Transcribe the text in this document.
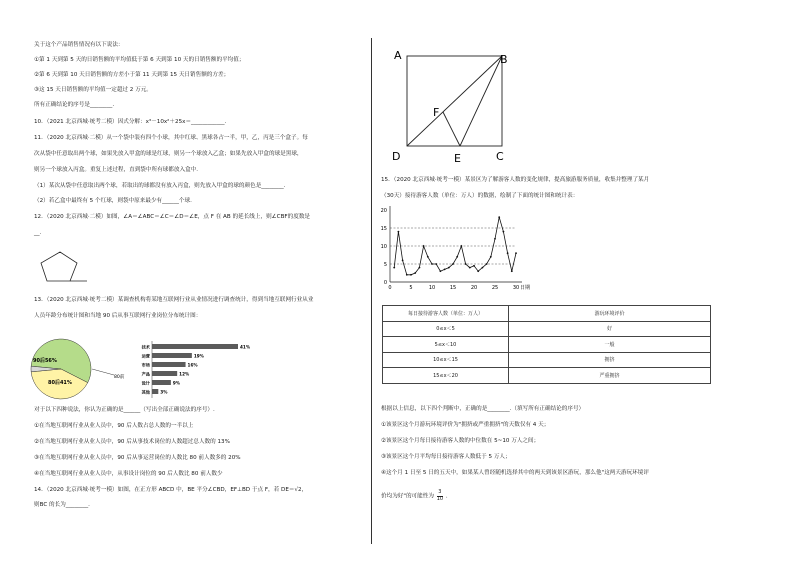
关于这个产品销售情况有以下说法：
①第 1 天到第 5 天的日销售额的平均值低于第 6 天到第 10 天的日销售额的平均值；
②第 6 天到第 10 天日销售额的方差小于第 11 天到第 15 天日销售额的方差；
③这 15 天日销售额的平均值一定超过 2 万元。
所有正确结论的序号是________.
10．（2021 北京西城·统考二模）因式分解：x³－10x²＋25x＝____________.
11．（2020 北京西城·二模）从一个袋中装有四个小球，其中红球、黑球各占一半，甲，乙，丙是三个盒子。每
次从袋中任意取出两个球，如果先放入甲盒的球是红球，则另一个球放入乙盒；如果先放入甲盒的球是黑球，
则另一个球放入丙盒。重复上述过程，直到袋中所有球都放入盒中.
（1）某次从袋中任意取出两个球，若取出的球都没有放入丙盒，则先放入甲盒的球的颜色是________.
（2）若乙盒中最终有 5 个红球，则袋中原来最少有______个球.
12．（2020 北京西城·二模）如图，∠A＝∠ABC＝∠C＝∠D＝∠E，点 F 在 AB 的延长线上，则∠CBF的度数是
__.
13．（2020 北京西城·统考二模）某调查机构将某地互联网行业从业情况进行调查统计，得到当地互联网行业从业
人员年龄分布统计图和当地 90 后从事互联网行业岗位分布统计图：
90后56%
80后41%
80前
技术	41%
运营	19%
市场	16%
产品	12%
设计	9%
其他 3%
对于以下四种说法，你认为正确的是______（写出全部正确说法的序号）.
①在当地互联网行业从业人员中，90 后人数占总人数的一半以上
②在当地互联网行业从业人员中，90 后从事技术岗位的人数超过总人数的 13%
③在当地互联网行业从业人员中，90 后从事运营岗位的人数比 80 前人数多的 20%
④在当地互联网行业从业人员中，从事设计岗位的 90 后人数比 80 前人数少
14．（2020 北京西城·统考一模）如图，在正方形 ABCD 中，BE 平分∠CBD，EF⊥BD 于点 F，若 DE＝√2，
则BC 的长为________.
A	B
F
D	E	C
15．（2020 北京西城·统考一模）某景区为了解游客人数的变化规律，提高旅游服务质量，收集并整理了某月
（30天）接待游客人数（单位：万人）的数据，绘制了下面的统计图和统计表：
0	5	10	15	20	25	30
0
5
10
15
20
日期
每日接待游客人数（单位：万人）	游玩环境评价
0≤x＜5	好
5≤x＜10	一般
10≤x＜15	拥挤
15≤x＜20	严重拥挤
根据以上信息，以下四个判断中，正确的是________.（填写所有正确结论的序号）
①该景区这个月游玩环境评价为"拥挤或严重拥挤"的天数仅有 4 天；
②该景区这个月每日接待游客人数的中位数在 5~10 万人之间；
③该景区这个月平均每日接待游客人数低于 5 万人；
④这个月 1 日至 5 日的五天中，如果某人曾经随机选择其中的两天到该景区游玩，那么他"这两天游玩环境评
价均为好"的可能性为 $\frac{3}{10}$ .
